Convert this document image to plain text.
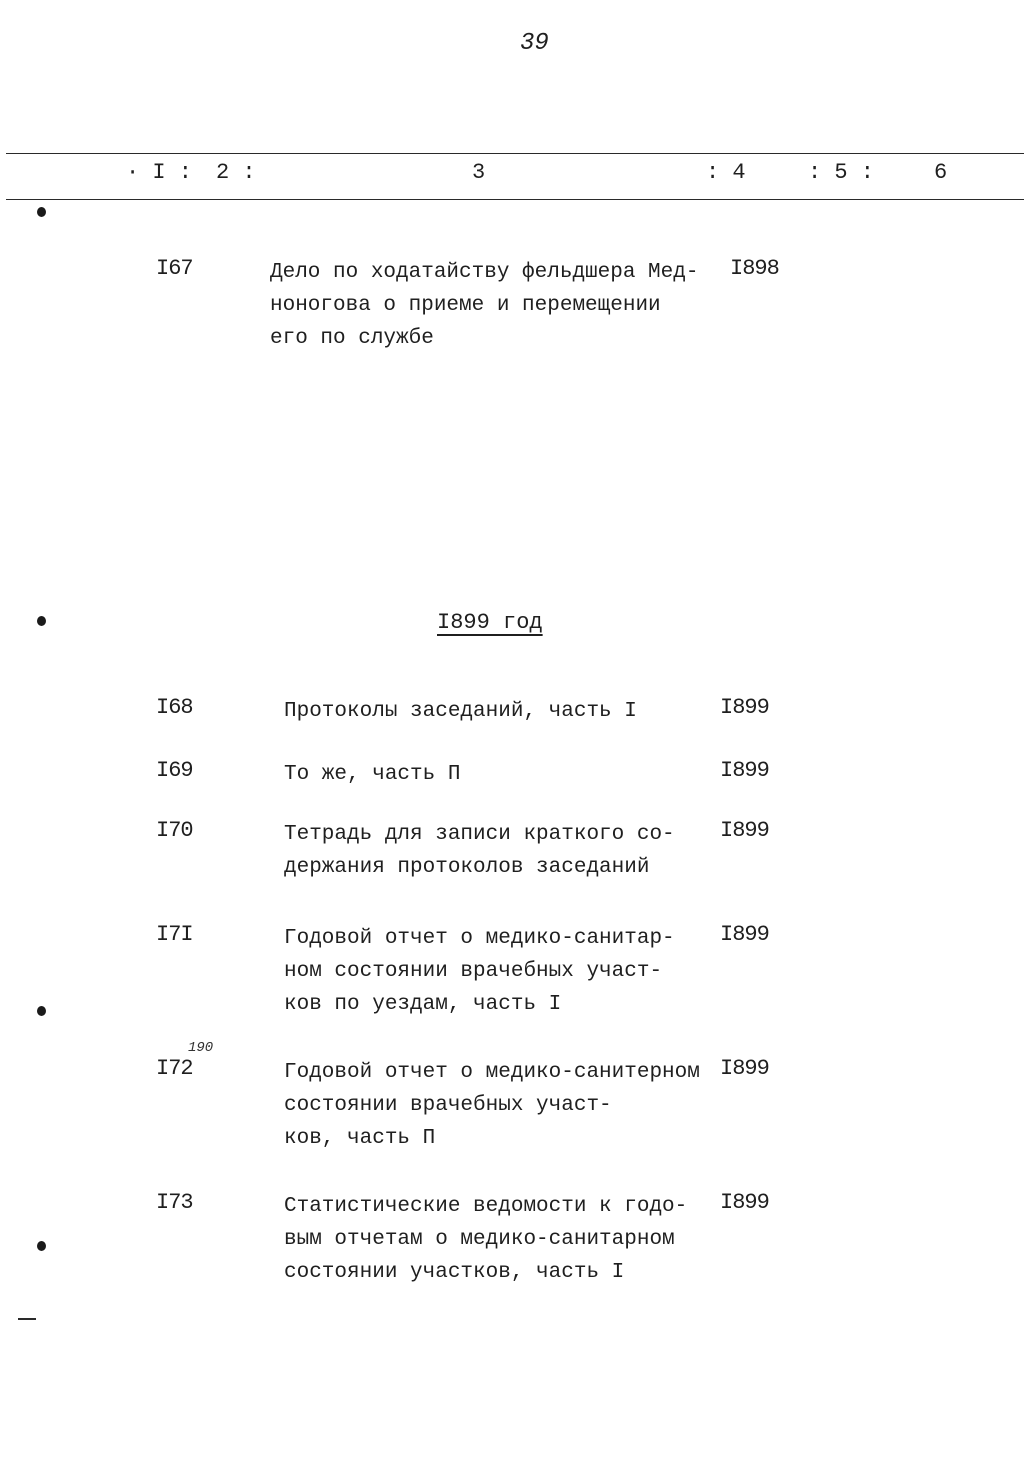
39
· I : 2 :	3	: 4	: 5 :	6
I67	Дело по ходатайству фельдшера Мед-
ноногова о приеме и перемещении
его по службе
I898
I899 год
I68	Протоколы заседаний, часть I	I899
I69	То же, часть П	I899
I70	Тетрадь для записи краткого со-
держания протоколов заседаний
I899
I7I	Годовой отчет о медико-санитар-
ном состоянии врачебных участ-
ков по уездам, часть I
I899
190
I72	Годовой отчет о медико-санитерном состоянии врачебных участ-
ков, часть П
I899
I73	Статистические ведомости к годо-
вым отчетам о медико-санитарном
состоянии участков, часть I
I899
